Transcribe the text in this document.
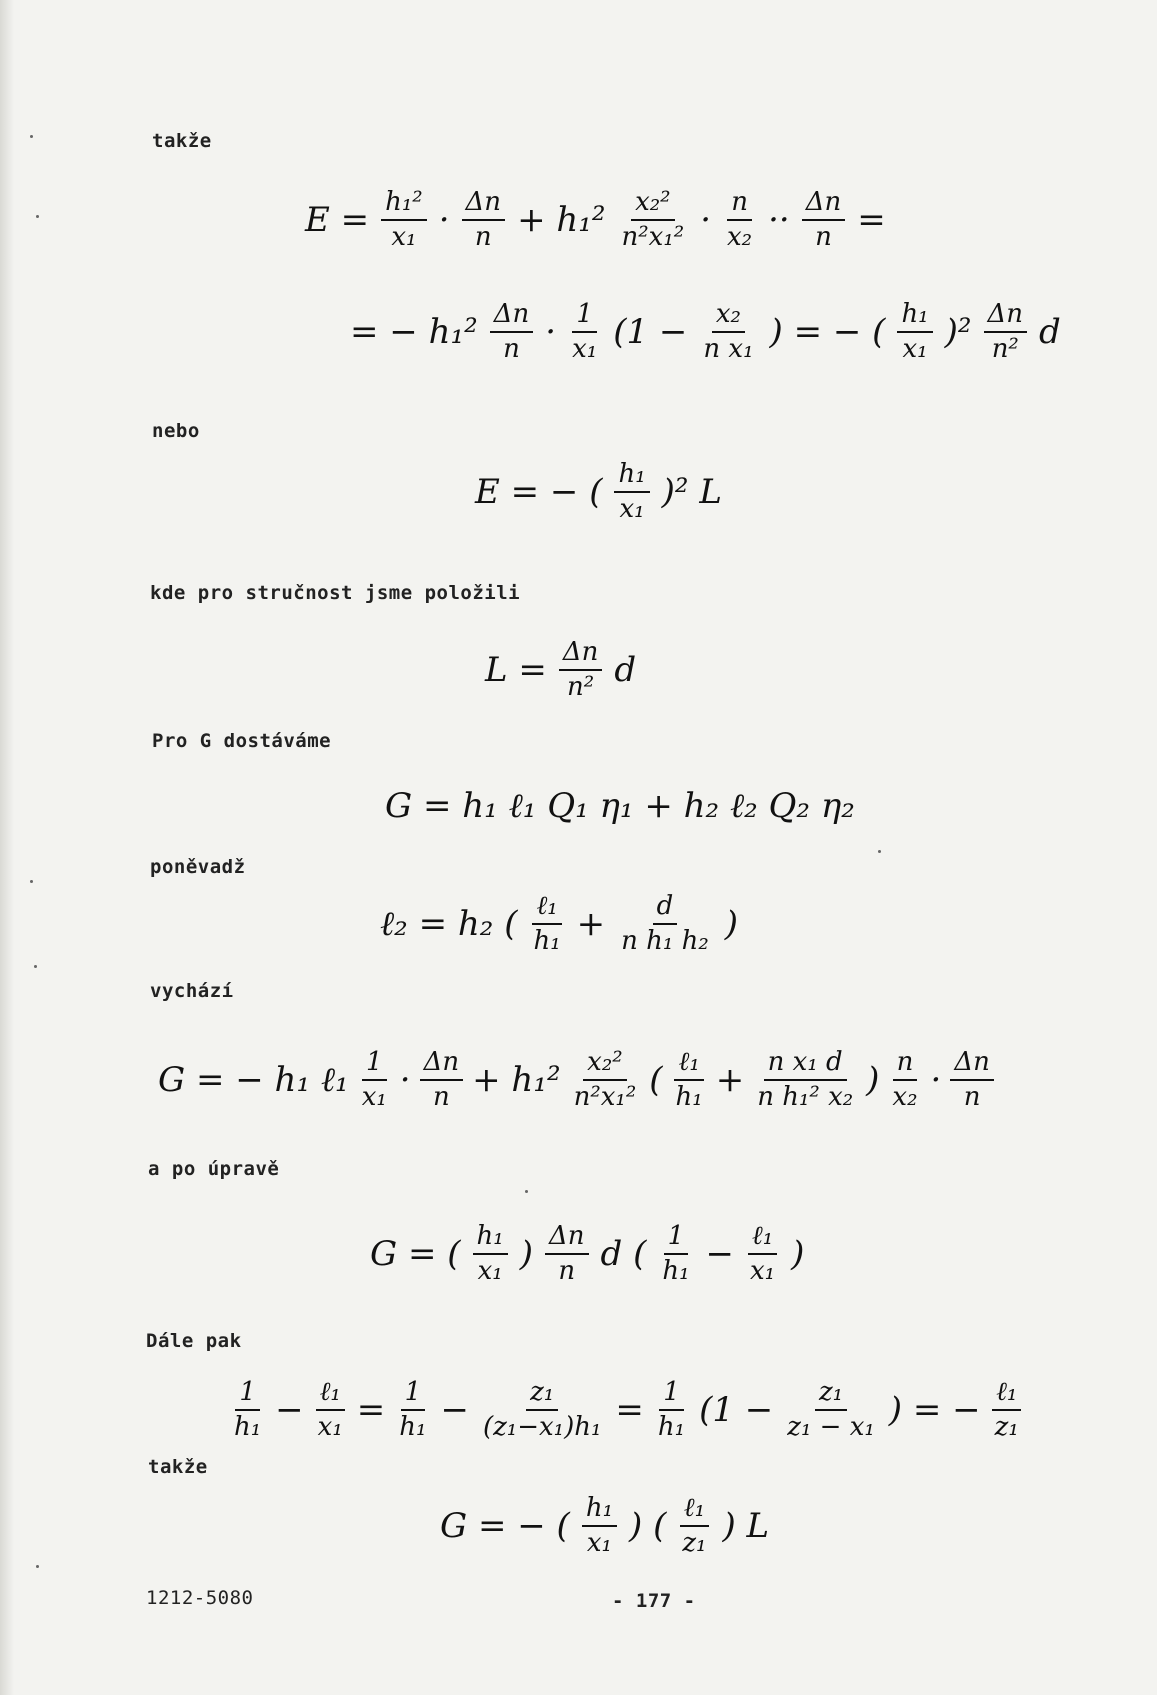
takže
nebo
kde pro stručnost jsme položili
Pro G dostáváme
poněvadž
vychází
a po úpravě
Dále pak
takže
1212-5080	- 177 -
$E = \frac{\text{h₁²}}{\text{x₁}} \cdot \frac{\Delta n}{n} + h_1^2 \frac{\text{x₂²}}{\text{n²x₁²}} \cdot \frac{n}{\text{x₂}} \cdot\cdot \frac{\Delta n}{n}$ =
= − $h_1^2 \frac{\Delta n}{n} \cdot \frac{1}{\text{x₁}} (1 - \frac{\text{x₂}}{\text{n x₁}}$ ) = − ( $\frac{\text{h₁}}{\text{x₁}} )^2 \frac{\Delta n}{\text{n²}}$ d
E = − ( $\frac{\text{h₁}}{\text{x₁}} )^2$ L
$L = \frac{\Delta n}{\text{n²}}$ d
G = h₁ ℓ₁ Q₁ η₁ + h₂ ℓ₂ Q₂ η₂
ℓ₂ = h₂ ( $\frac{\text{ℓ₁}}{\text{h₁}} + \frac{d}{\text{n h₁ h₂}}$ )
G = − h₁ ℓ₁ $\frac{1}{\text{x₁}} \cdot \frac{\Delta n}{n} + h_1^2 \frac{\text{x₂²}}{\text{n²x₁²}}$ ( $\frac{\text{ℓ₁}}{\text{h₁}} + \frac{\text{n x₁ d}}{\text{n h₁² x₂}}$ ) $\frac{n}{\text{x₂}} \cdot \frac{\Delta n}{n}$
G = ( $\frac{\text{h₁}}{\text{x₁}}$ ) $\frac{\Delta n}{n}$ d ( $\frac{1}{\text{h₁}} - \frac{\text{ℓ₁}}{\text{x₁}}$ )
$\frac{1}{\text{h₁}} - \frac{\text{ℓ₁}}{\text{x₁}} = \frac{1}{\text{h₁}} - \frac{\text{z₁}}{\text{(z₁−x₁)h₁}} = \frac{1}{\text{h₁}} (1 - \frac{\text{z₁}}{\text{z₁ − x₁}}$ ) = − $\frac{\text{ℓ₁}}{\text{z₁}}$
G = − ( $\frac{\text{h₁}}{\text{x₁}}$ ) ( $\frac{\text{ℓ₁}}{\text{z₁}}$ ) L
